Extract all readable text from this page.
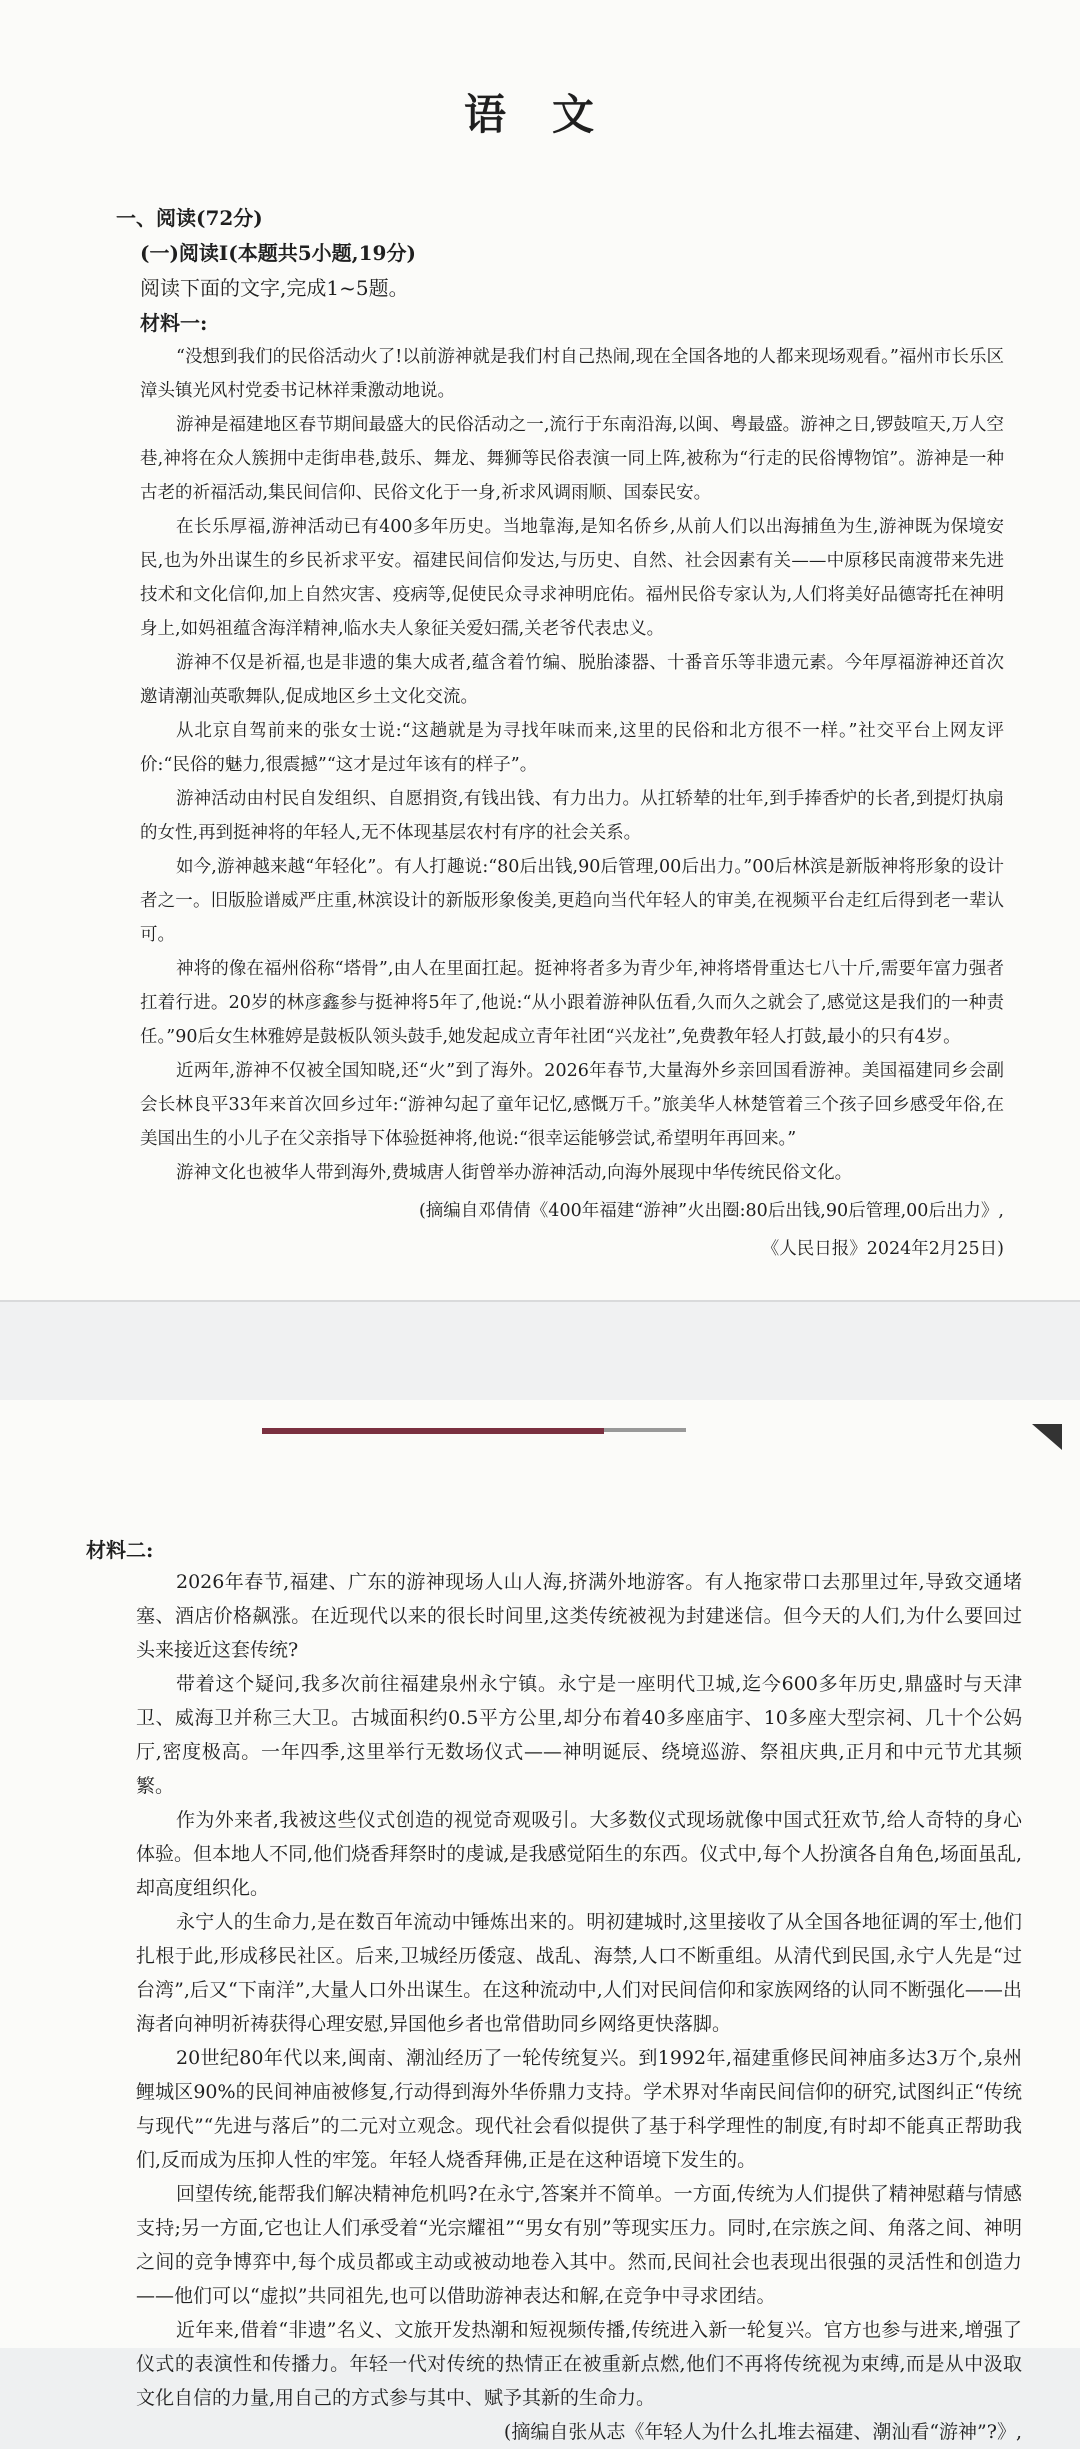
语文
一、阅读(72分)
(一)阅读Ⅰ(本题共5小题,19分)
阅读下面的文字,完成1~5题。
材料一:

“没想到我们的民俗活动火了!以前游神就是我们村自己热闹,现在全国各地的人都来现场观看。”福州市长乐区漳头镇光风村党委书记林祥秉激动地说。

游神是福建地区春节期间最盛大的民俗活动之一,流行于东南沿海,以闽、粤最盛。游神之日,锣鼓喧天,万人空巷,神将在众人簇拥中走街串巷,鼓乐、舞龙、舞狮等民俗表演一同上阵,被称为“行走的民俗博物馆”。游神是一种古老的祈福活动,集民间信仰、民俗文化于一身,祈求风调雨顺、国泰民安。

在长乐厚福,游神活动已有400多年历史。当地靠海,是知名侨乡,从前人们以出海捕鱼为生,游神既为保境安民,也为外出谋生的乡民祈求平安。福建民间信仰发达,与历史、自然、社会因素有关——中原移民南渡带来先进技术和文化信仰,加上自然灾害、疫病等,促使民众寻求神明庇佑。福州民俗专家认为,人们将美好品德寄托在神明身上,如妈祖蕴含海洋精神,临水夫人象征关爱妇孺,关老爷代表忠义。

游神不仅是祈福,也是非遗的集大成者,蕴含着竹编、脱胎漆器、十番音乐等非遗元素。今年厚福游神还首次邀请潮汕英歌舞队,促成地区乡土文化交流。

从北京自驾前来的张女士说:“这趟就是为寻找年味而来,这里的民俗和北方很不一样。”社交平台上网友评价:“民俗的魅力,很震撼”“这才是过年该有的样子”。

游神活动由村民自发组织、自愿捐资,有钱出钱、有力出力。从扛轿辇的壮年,到手捧香炉的长者,到提灯执扇的女性,再到挺神将的年轻人,无不体现基层农村有序的社会关系。

如今,游神越来越“年轻化”。有人打趣说:“80后出钱,90后管理,00后出力。”00后林滨是新版神将形象的设计者之一。旧版脸谱威严庄重,林滨设计的新版形象俊美,更趋向当代年轻人的审美,在视频平台走红后得到老一辈认可。

神将的像在福州俗称“塔骨”,由人在里面扛起。挺神将者多为青少年,神将塔骨重达七八十斤,需要年富力强者扛着行进。20岁的林彦鑫参与挺神将5年了,他说:“从小跟着游神队伍看,久而久之就会了,感觉这是我们的一种责任。”90后女生林雅婷是鼓板队领头鼓手,她发起成立青年社团“兴龙社”,免费教年轻人打鼓,最小的只有4岁。

近两年,游神不仅被全国知晓,还“火”到了海外。2026年春节,大量海外乡亲回国看游神。美国福建同乡会副会长林良平33年来首次回乡过年:“游神勾起了童年记忆,感慨万千。”旅美华人林楚管着三个孩子回乡感受年俗,在美国出生的小儿子在父亲指导下体验挺神将,他说:“很幸运能够尝试,希望明年再回来。”

游神文化也被华人带到海外,费城唐人街曾举办游神活动,向海外展现中华传统民俗文化。

(摘编自邓倩倩《400年福建“游神”火出圈:80后出钱,90后管理,00后出力》,
《人民日报》2024年2月25日)
材料二:

2026年春节,福建、广东的游神现场人山人海,挤满外地游客。有人拖家带口去那里过年,导致交通堵塞、酒店价格飙涨。在近现代以来的很长时间里,这类传统被视为封建迷信。但今天的人们,为什么要回过头来接近这套传统?

带着这个疑问,我多次前往福建泉州永宁镇。永宁是一座明代卫城,迄今600多年历史,鼎盛时与天津卫、威海卫并称三大卫。古城面积约0.5平方公里,却分布着40多座庙宇、10多座大型宗祠、几十个公妈厅,密度极高。一年四季,这里举行无数场仪式——神明诞辰、绕境巡游、祭祖庆典,正月和中元节尤其频繁。

作为外来者,我被这些仪式创造的视觉奇观吸引。大多数仪式现场就像中国式狂欢节,给人奇特的身心体验。但本地人不同,他们烧香拜祭时的虔诚,是我感觉陌生的东西。仪式中,每个人扮演各自角色,场面虽乱,却高度组织化。

永宁人的生命力,是在数百年流动中锤炼出来的。明初建城时,这里接收了从全国各地征调的军士,他们扎根于此,形成移民社区。后来,卫城经历倭寇、战乱、海禁,人口不断重组。从清代到民国,永宁人先是“过台湾”,后又“下南洋”,大量人口外出谋生。在这种流动中,人们对民间信仰和家族网络的认同不断强化——出海者向神明祈祷获得心理安慰,异国他乡者也常借助同乡网络更快落脚。

20世纪80年代以来,闽南、潮汕经历了一轮传统复兴。到1992年,福建重修民间神庙多达3万个,泉州鲤城区90%的民间神庙被修复,行动得到海外华侨鼎力支持。学术界对华南民间信仰的研究,试图纠正“传统与现代”“先进与落后”的二元对立观念。现代社会看似提供了基于科学理性的制度,有时却不能真正帮助我们,反而成为压抑人性的牢笼。年轻人烧香拜佛,正是在这种语境下发生的。

回望传统,能帮我们解决精神危机吗?在永宁,答案并不简单。一方面,传统为人们提供了精神慰藉与情感支持;另一方面,它也让人们承受着“光宗耀祖”“男女有别”等现实压力。同时,在宗族之间、角落之间、神明之间的竞争博弈中,每个成员都或主动或被动地卷入其中。然而,民间社会也表现出很强的灵活性和创造力——他们可以“虚拟”共同祖先,也可以借助游神表达和解,在竞争中寻求团结。

近年来,借着“非遗”名义、文旅开发热潮和短视频传播,传统进入新一轮复兴。官方也参与进来,增强了仪式的表演性和传播力。年轻一代对传统的热情正在被重新点燃,他们不再将传统视为束缚,而是从中汲取文化自信的力量,用自己的方式参与其中、赋予其新的生命力。

(摘编自张从志《年轻人为什么扎堆去福建、潮汕看“游神”?》,
